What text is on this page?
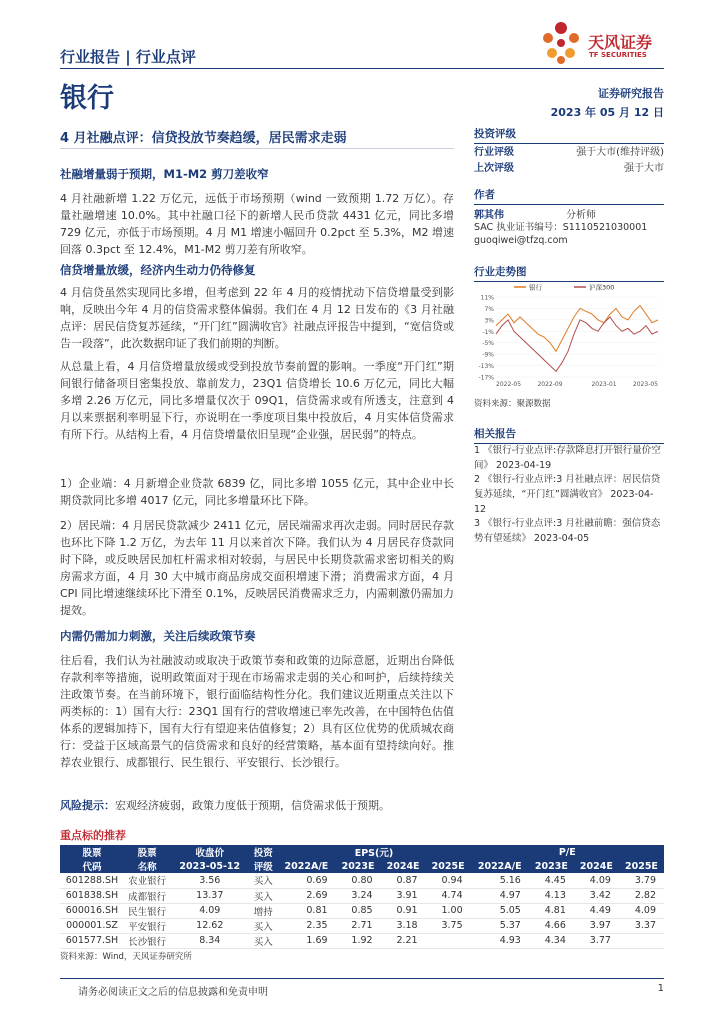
行业报告 | 行业点评
银行
天风证券
TF SECURITIES
证券研究报告
2023 年 05 月 12 日
4 月社融点评：信贷投放节奏趋缓，居民需求走弱
社融增量弱于预期，M1-M2 剪刀差收窄
4 月社融新增 1.22 万亿元，远低于市场预期（wind 一致预期 1.72 万亿）。存量社融增速 10.0%。其中社融口径下的新增人民币贷款 4431 亿元，同比多增 729 亿元，亦低于市场预期。4 月 M1 增速小幅回升 0.2pct 至 5.3%，M2 增速回落 0.3pct 至 12.4%，M1-M2 剪刀差有所收窄。
信贷增量放缓，经济内生动力仍待修复
4 月信贷虽然实现同比多增，但考虑到 22 年 4 月的疫情扰动下信贷增量受到影响，反映出今年 4 月的信贷需求整体偏弱。我们在 4 月 12 日发布的《3 月社融点评：居民信贷复苏延续，“开门红”圆满收官》社融点评报告中提到，“宽信贷或告一段落”，此次数据印证了我们前期的判断。
从总量上看，4 月信贷增量放缓或受到投放节奏前置的影响。一季度“开门红”期间银行储备项目密集投放、靠前发力，23Q1 信贷增长 10.6 万亿元，同比大幅多增 2.26 万亿元，同比多增量仅次于 09Q1，信贷需求或有所透支，注意到 4 月以来票据利率明显下行，亦说明在一季度项目集中投放后，4 月实体信贷需求有所下行。从结构上看，4 月信贷增量依旧呈现“企业强，居民弱”的特点。
1）企业端：4 月新增企业贷款 6839 亿，同比多增 1055 亿元，其中企业中长期贷款同比多增 4017 亿元，同比多增量环比下降。
2）居民端：4 月居民贷款减少 2411 亿元，居民端需求再次走弱。同时居民存款也环比下降 1.2 万亿，为去年 11 月以来首次下降。我们认为 4 月居民存贷款同时下降，或反映居民加杠杆需求相对较弱，与居民中长期贷款需求密切相关的购房需求方面，4 月 30 大中城市商品房成交面积增速下滑；消费需求方面，4 月 CPI 同比增速继续环比下滑至 0.1%，反映居民消费需求乏力，内需刺激仍需加力提效。
内需仍需加力刺激，关注后续政策节奏
往后看，我们认为社融波动或取决于政策节奏和政策的边际意愿，近期出台降低存款利率等措施，说明政策面对于现在市场需求走弱的关心和呵护，后续持续关注政策节奏。在当前环境下，银行面临结构性分化。我们建议近期重点关注以下两类标的：1）国有大行：23Q1 国有行的营收增速已率先改善，在中国特色估值体系的逻辑加持下，国有大行有望迎来估值修复；2）具有区位优势的优质城农商行：受益于区域高景气的信贷需求和良好的经营策略，基本面有望持续向好。推荐农业银行、成都银行、民生银行、平安银行、长沙银行。
风险提示：宏观经济疲弱，政策力度低于预期，信贷需求低于预期。
投资评级
行业评级	强于大市(维持评级)
上次评级	强于大市
作者
郭其伟	分析师
SAC 执业证书编号：S1110521030001
guoqiwei@tfzq.com
行业走势图
11%
7%
3%
-1%
-5%
-9%
-13%
-17%
2022-05	2022-09	2023-01	2023-05
银行	沪深300
资料来源：聚源数据
相关报告
1 《银行-行业点评:存款降息打开银行量价空间》 2023-04-19
2 《银行-行业点评:3 月社融点评：居民信贷复苏延续，“开门红”圆满收官》 2023-04-12
3 《银行-行业点评:3 月社融前瞻：强信贷态势有望延续》 2023-04-05
重点标的推荐
股票	股票	收盘价	投资	EPS(元)				P/E			
代码	名称	2023-05-12	评级	2022A/E	2023E	2024E	2025E	2022A/E	2023E	2024E	2025E
601288.SH	农业银行	3.56	买入	0.69	0.80	0.87	0.94	5.16	4.45	4.09	3.79
601838.SH	成都银行	13.37	买入	2.69	3.24	3.91	4.74	4.97	4.13	3.42	2.82
600016.SH	民生银行	4.09	增持	0.81	0.85	0.91	1.00	5.05	4.81	4.49	4.09
000001.SZ	平安银行	12.62	买入	2.35	2.71	3.18	3.75	5.37	4.66	3.97	3.37
601577.SH	长沙银行	8.34	买入	1.69	1.92	2.21		4.93	4.34	3.77	
资料来源：Wind，天风证券研究所
请务必阅读正文之后的信息披露和免责申明	1
